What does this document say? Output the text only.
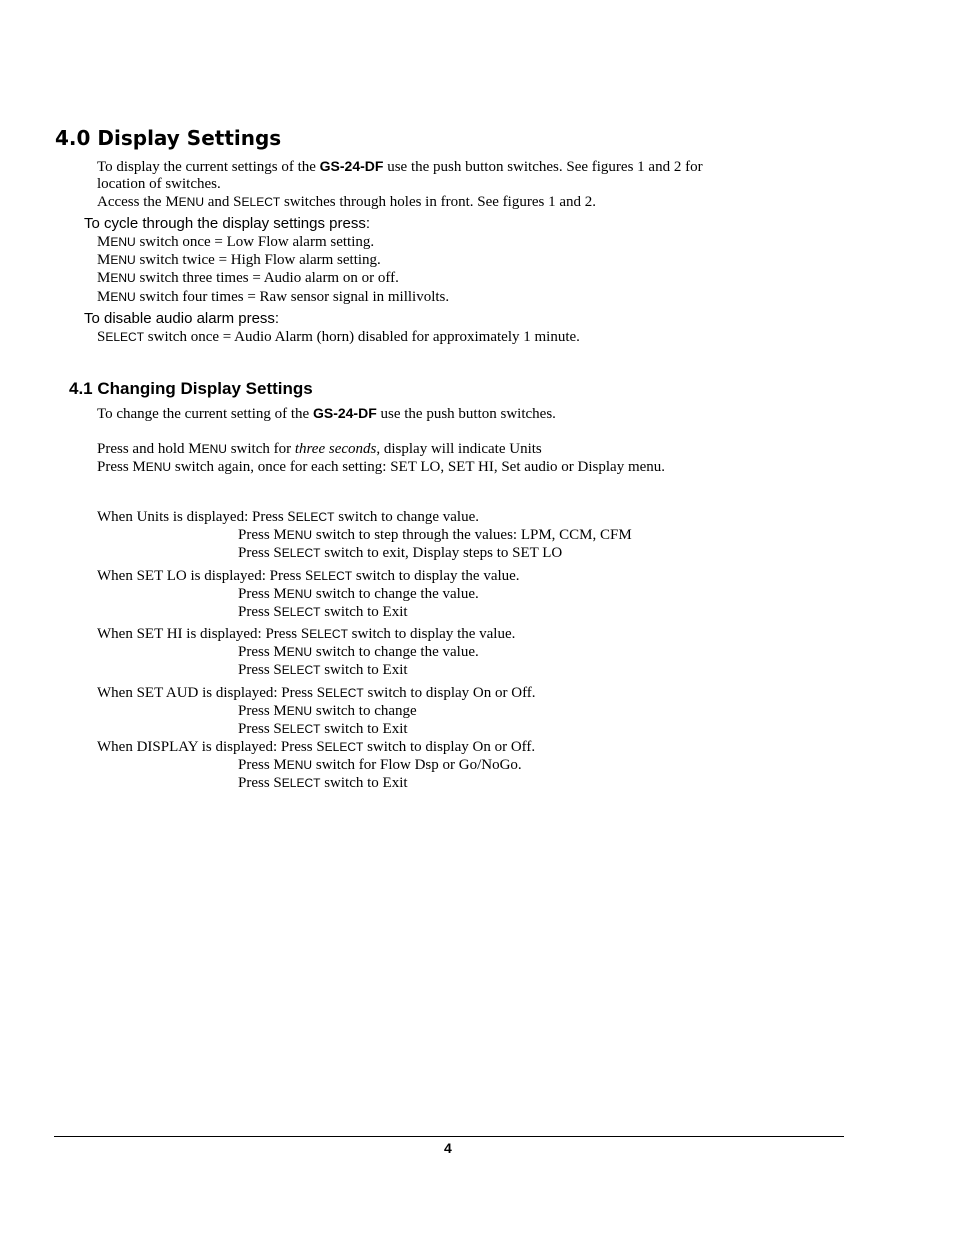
4.0 Display Settings
To display the current settings of the GS-24-DF use the push button switches. See figures 1 and 2 for
location of switches.
Access the MENU and SELECT switches through holes in front. See figures 1 and 2.
To cycle through the display settings press:
MENU switch once = Low Flow alarm setting.
MENU switch twice = High Flow alarm setting.
MENU switch three times = Audio alarm on or off.
MENU switch four times = Raw sensor signal in millivolts.
To disable audio alarm press:
SELECT switch once = Audio Alarm (horn) disabled for approximately 1 minute.
4.1 Changing Display Settings
To change the current setting of the GS-24-DF use the push button switches.
Press and hold MENU switch for three seconds, display will indicate Units
Press MENU switch again, once for each setting: SET LO, SET HI, Set audio or Display menu.
When Units is displayed: Press SELECT switch to change value.
Press MENU switch to step through the values: LPM, CCM, CFM
Press SELECT switch to exit, Display steps to SET LO
When SET LO is displayed: Press SELECT switch to display the value.
Press MENU switch to change the value.
Press SELECT switch to Exit
When SET HI is displayed: Press SELECT switch to display the value.
Press MENU switch to change the value.
Press SELECT switch to Exit
When SET AUD is displayed: Press SELECT switch to display On or Off.
Press MENU switch to change
Press SELECT switch to Exit
When DISPLAY is displayed: Press SELECT switch to display On or Off.
Press MENU switch for Flow Dsp or Go/NoGo.
Press SELECT switch to Exit
4
